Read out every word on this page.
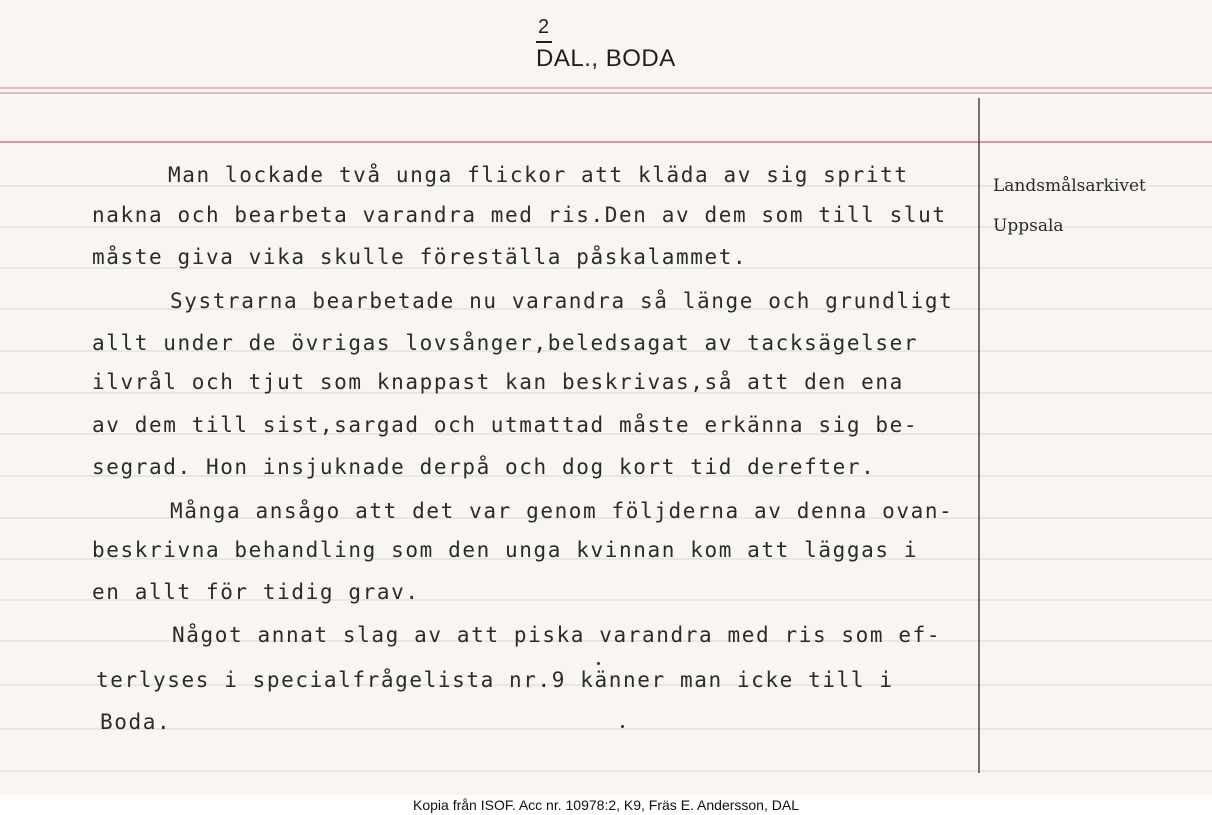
2
DAL., BODA
Landsmålsarkivet
Uppsala
Man lockade två unga flickor att kläda av sig spritt
nakna och bearbeta varandra med ris.Den av dem som till slut
måste giva vika skulle föreställa påskalammet.
Systrarna bearbetade nu varandra så länge och grundligt
allt under de övrigas lovsånger,beledsagat av tacksägelser
ilvrål och tjut som knappast kan beskrivas,så att den ena
av dem till sist,sargad och utmattad måste erkänna sig be-
segrad. Hon insjuknade derpå och dog kort tid derefter.
Många ansågo att det var genom följderna av denna ovan-
beskrivna behandling som den unga kvinnan kom att läggas i
en allt för tidig grav.
Något annat slag av att piska varandra med ris som ef-
terlyses i specialfrågelista nr.9 känner man icke till i
Boda.
Kopia från ISOF. Acc nr. 10978:2, K9, Fräs E. Andersson, DAL
